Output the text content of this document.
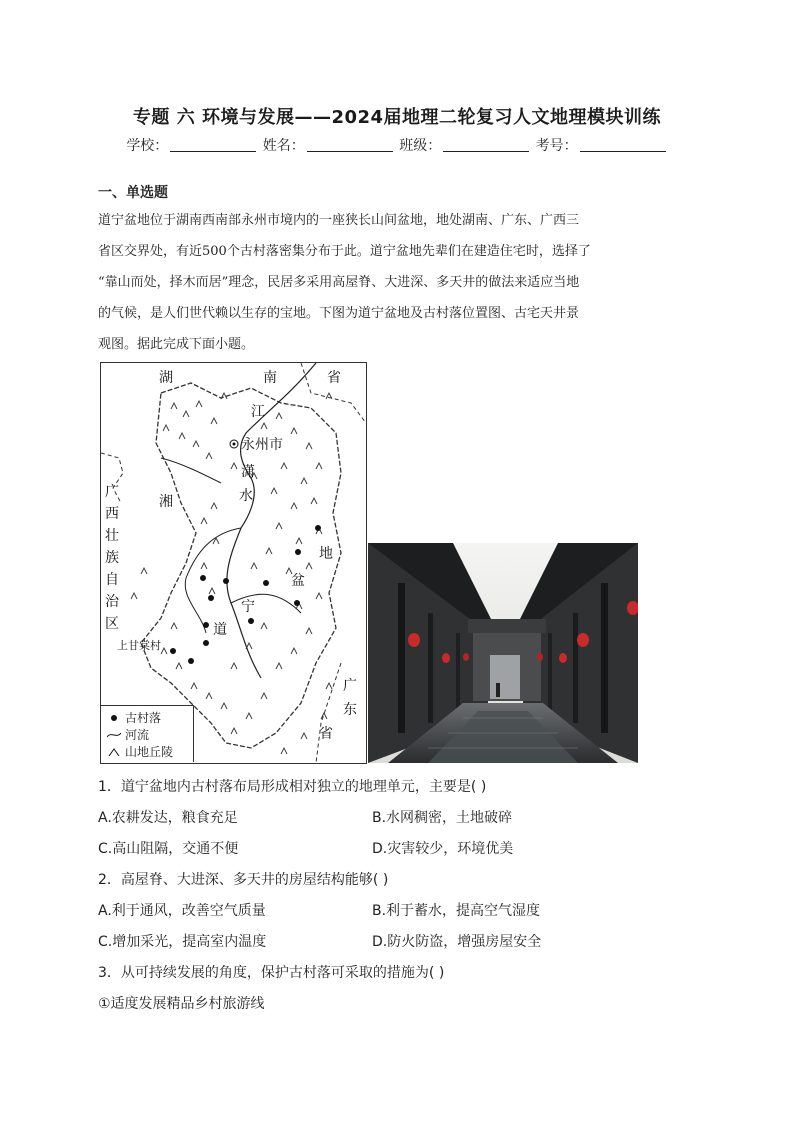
专题 六 环境与发展——2024届地理二轮复习人文地理模块训练
学校：	姓名：	班级：	考号：
一、单选题

道宁盆地位于湖南西南部永州市境内的一座狭长山间盆地，地处湖南、广东、广西三

省区交界处，有近500个古村落密集分布于此。道宁盆地先辈们在建造住宅时，选择了

“靠山而处，择木而居”理念，民居多采用高屋脊、大进深、多天井的做法来适应当地

的气候，是人们世代赖以生存的宝地。下图为道宁盆地及古村落位置图、古宅天井景

观图。据此完成下面小题。

湖	南	省
江
永州市
潇
水
湘
广
西
壮
族
自
治
区
地
盆
宁
道
上甘棠村
广
东
省
古村落
河流
山地丘陵
1．道宁盆地内古村落布局形成相对独立的地理单元，主要是( )
A.农耕发达，粮食充足	B.水网稠密，土地破碎
C.高山阻隔，交通不便	D.灾害较少，环境优美
2．高屋脊、大进深、多天井的房屋结构能够( )
A.利于通风，改善空气质量	B.利于蓄水，提高空气湿度
C.增加采光，提高室内温度	D.防火防盗，增强房屋安全
3．从可持续发展的角度，保护古村落可采取的措施为( )
①适度发展精品乡村旅游线
